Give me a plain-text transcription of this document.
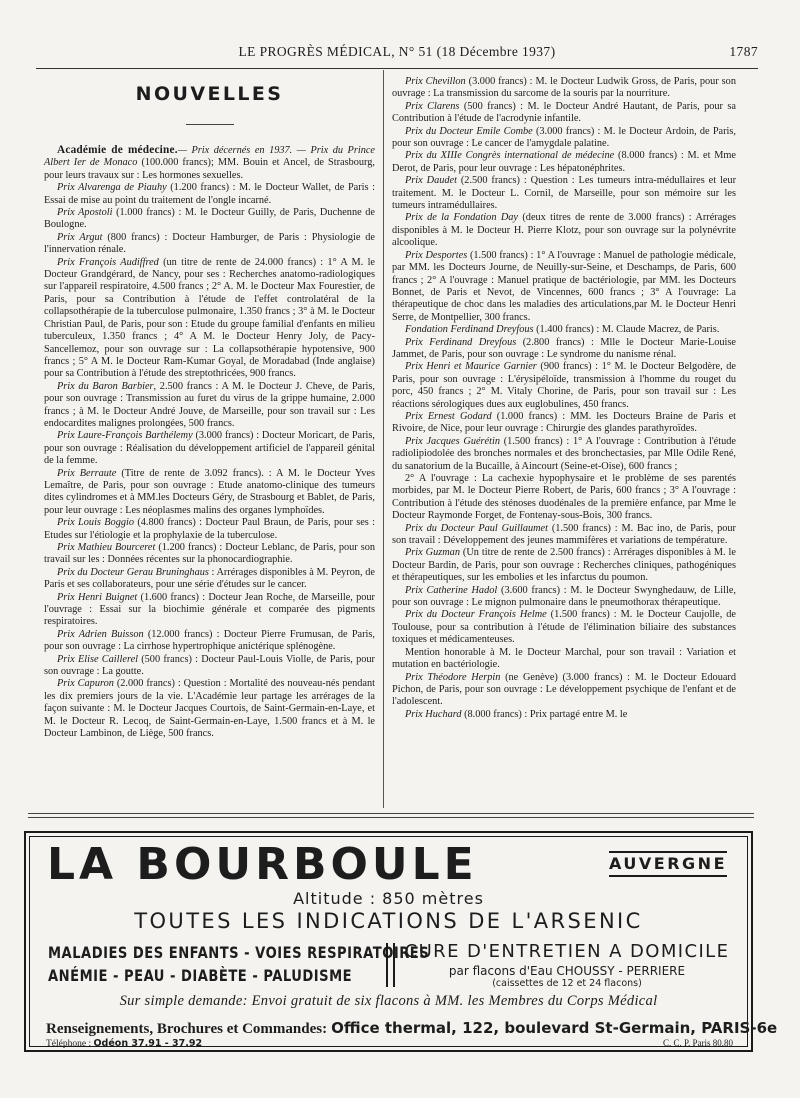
LE PROGRÈS MÉDICAL, N° 51 (18 Décembre 1937)	1787
NOUVELLES

Académie de médecine.— Prix décernés en 1937. — Prix du Prince Albert Ier de Monaco (100.000 francs); MM. Bouin et Ancel, de Strasbourg, pour leurs travaux sur : Les hormones sexuelles.

Prix Alvarenga de Piauhy (1.200 francs) : M. le Docteur Wallet, de Paris : Essai de mise au point du traitement de l'ongle incarné.

Prix Apostoli (1.000 francs) : M. le Docteur Guilly, de Paris, Duchenne de Boulogne.

Prix Argut (800 francs) : Docteur Hamburger, de Paris : Physiologie de l'innervation rénale.

Prix François Audiffred (un titre de rente de 24.000 francs) : 1° A M. le Docteur Grandgérard, de Nancy, pour ses : Recherches anatomo-radiologiques sur l'appareil respiratoire, 4.500 francs ; 2° A. M. le Docteur Max Fourestier, de Paris, pour sa Contribution à l'étude de l'effet controlatéral de la collapsothérapie de la tuberculose pulmonaire, 1.350 francs ; 3° à M. le Docteur Christian Paul, de Paris, pour son : Etude du groupe familial d'enfants en milieu tuberculeux, 1.350 francs ; 4° A M. le Docteur Henry Joly, de Pacy-Sancellemoz, pour son ouvrage sur : La collapsothérapie hypotensive, 900 francs ; 5° A M. le Docteur Ram-Kumar Goyal, de Moradabad (Inde anglaise) pour sa Contribution à l'étude des streptothricées, 900 francs.

Prix du Baron Barbier, 2.500 francs : A M. le Docteur J. Cheve, de Paris, pour son ouvrage : Transmission au furet du virus de la grippe humaine, 2.000 francs ; à M. le Docteur André Jouve, de Marseille, pour son travail sur : Les endocardites malignes prolongées, 500 francs.

Prix Laure-François Barthélemy (3.000 francs) : Docteur Moricart, de Paris, pour son ouvrage : Réalisation du développement artificiel de l'appareil génital de la femme.

Prix Berraute (Titre de rente de 3.092 francs). : A M. le Docteur Yves Lemaître, de Paris, pour son ouvrage : Etude anatomo-clinique des tumeurs dites cylindromes et à MM.les Docteurs Géry, de Strasbourg et Bablet, de Paris, pour leur ouvrage : Les néoplasmes malins des organes lymphoïdes.

Prix Louis Boggio (4.800 francs) : Docteur Paul Braun, de Paris, pour ses : Etudes sur l'étiologie et la prophylaxie de la tuberculose.

Prix Mathieu Bourceret (1.200 francs) : Docteur Leblanc, de Paris, pour son travail sur les : Données récentes sur la phonocardiographie.

Prix du Docteur Gerau Bruninghaus : Arrérages disponibles à M. Peyron, de Paris et ses collaborateurs, pour une série d'études sur le cancer.

Prix Henri Buignet (1.600 francs) : Docteur Jean Roche, de Marseille, pour l'ouvrage : Essai sur la biochimie générale et comparée des pigments respiratoires.

Prix Adrien Buisson (12.000 francs) : Docteur Pierre Frumusan, de Paris, pour son ouvrage : La cirrhose hypertrophique anictérique splénogène.

Prix Elise Caillerel (500 francs) : Docteur Paul-Louis Violle, de Paris, pour son ouvrage : La goutte.

Prix Capuron (2.000 francs) : Question : Mortalité des nouveau-nés pendant les dix premiers jours de la vie. L'Académie leur partage les arrérages de la façon suivante : M. le Docteur Jacques Courtois, de Saint-Germain-en-Laye, et M. le Docteur R. Lecoq, de Saint-Germain-en-Laye, 1.500 francs et à M. le Docteur Lambinon, de Liège, 500 francs.

Prix Chevillon (3.000 francs) : M. le Docteur Ludwik Gross, de Paris, pour son ouvrage : La transmission du sarcome de la souris par la nourriture.

Prix Clarens (500 francs) : M. le Docteur André Hautant, de Paris, pour sa Contribution à l'étude de l'acrodynie infantile.

Prix du Docteur Emile Combe (3.000 francs) : M. le Docteur Ardoin, de Paris, pour son ouvrage : Le cancer de l'amygdale palatine.

Prix du XIIIe Congrès international de médecine (8.000 francs) : M. et Mme Derot, de Paris, pour leur ouvrage : Les hépatonéphrites.

Prix Daudet (2.500 francs) : Question : Les tumeurs intra-médullaires et leur traitement. M. le Docteur L. Cornil, de Marseille, pour son mémoire sur les tumeurs intramédullaires.

Prix de la Fondation Day (deux titres de rente de 3.000 francs) : Arrérages disponibles à M. le Docteur H. Pierre Klotz, pour son ouvrage sur la polynévrite alcoolique.

Prix Desportes (1.500 francs) : 1° A l'ouvrage : Manuel de pathologie médicale, par MM. les Docteurs Journe, de Neuilly-sur-Seine, et Deschamps, de Paris, 600 francs ; 2° A l'ouvrage : Manuel pratique de bactériologie, par MM. les Docteurs Bonnet, de Paris et Nevot, de Vincennes, 600 francs ; 3° A l'ouvrage: La thérapeutique de choc dans les maladies des articulations,par M. le Docteur Henri Serre, de Montpellier, 300 francs.

Fondation Ferdinand Dreyfous (1.400 francs) : M. Claude Macrez, de Paris.

Prix Ferdinand Dreyfous (2.800 francs) : Mlle le Docteur Marie-Louise Jammet, de Paris, pour son ouvrage : Le syndrome du nanisme rénal.

Prix Henri et Maurice Garnier (900 francs) : 1° M. le Docteur Belgodère, de Paris, pour son ouvrage : L'érysipéloïde, transmission à l'homme du rouget du porc, 450 francs ; 2° M. Vitaly Chorine, de Paris, pour son travail sur : Les réactions sérologiques dues aux euglobulines, 450 francs.

Prix Ernest Godard (1.000 francs) : MM. les Docteurs Braine de Paris et Rivoire, de Nice, pour leur ouvrage : Chirurgie des glandes parathyroïdes.

Prix Jacques Guérétin (1.500 francs) : 1° A l'ouvrage : Contribution à l'étude radiolipiodolée des bronches normales et des bronchectasies, par Mlle Odile René, du sanatorium de la Bucaille, à Aincourt (Seine-et-Oise), 600 francs ;

2° A l'ouvrage : La cachexie hypophysaire et le problème de ses parentés morbides, par M. le Docteur Pierre Robert, de Paris, 600 francs ; 3° A l'ouvrage : Contribution à l'étude des sténoses duodénales de la première enfance, par Mme le Docteur Raymonde Forget, de Fontenay-sous-Bois, 300 francs.

Prix du Docteur Paul Guillaumet (1.500 francs) : M. Bac ino, de Paris, pour son travail : Développement des jeunes mammifères et variations de température.

Prix Guzman (Un titre de rente de 2.500 francs) : Arrérages disponibles à M. le Docteur Bardin, de Paris, pour son ouvrage : Recherches cliniques, pathogéniques et thérapeutiques, sur les embolies et les infarctus du poumon.

Prix Catherine Hadol (3.600 francs) : M. le Docteur Swynghedauw, de Lille, pour son ouvrage : Le mignon pulmonaire dans le pneumothorax thérapeutique.

Prix du Docteur François Helme (1.500 francs) : M. le Docteur Caujolle, de Toulouse, pour sa contribution à l'étude de l'élimination biliaire des substances toxiques et médicamenteuses.

Mention honorable à M. le Docteur Marchal, pour son travail : Variation et mutation en bactériologie.

Prix Théodore Herpin (ne Genève) (3.000 francs) : M. le Docteur Edouard Pichon, de Paris, pour son ouvrage : Le développement psychique de l'enfant et de l'adolescent.

Prix Huchard (8.000 francs) : Prix partagé entre M. le

LA BOURBOULE	AUVERGNE
Altitude : 850 mètres
TOUTES LES INDICATIONS DE L'ARSENIC
MALADIES DES ENFANTS - VOIES RESPIRATOIRES
ANÉMIE - PEAU - DIABÈTE - PALUDISME
CURE D'ENTRETIEN A DOMICILE
par flacons d'Eau CHOUSSY - PERRIERE
(caissettes de 12 et 24 flacons)
Sur simple demande: Envoi gratuit de six flacons à MM. les Membres du Corps Médical
Renseignements, Brochures et Commandes: Office thermal, 122, boulevard St-Germain, PARIS-6e
Téléphone : Odéon 37.91 - 37.92	C. C. P. Paris 80.80
